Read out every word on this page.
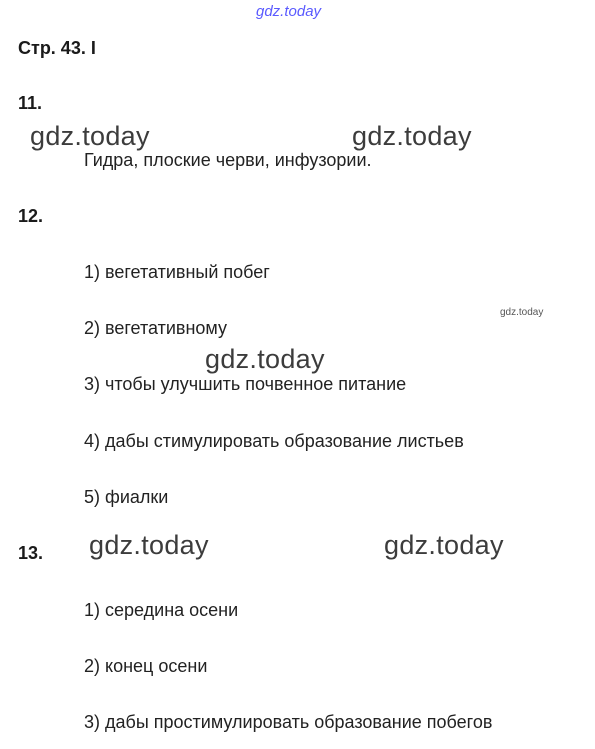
gdz.today
gdz.today	gdz.today
gdz.today
gdz.today
gdz.today	gdz.today
Стр. 43. I
11.
Гидра, плоские черви, инфузории.
12.
1) вегетативный побег
2) вегетативному
3) чтобы улучшить почвенное питание
4) дабы стимулировать образование листьев
5) фиалки
13.
1) середина осени
2) конец осени
3) дабы простимулировать образование побегов
